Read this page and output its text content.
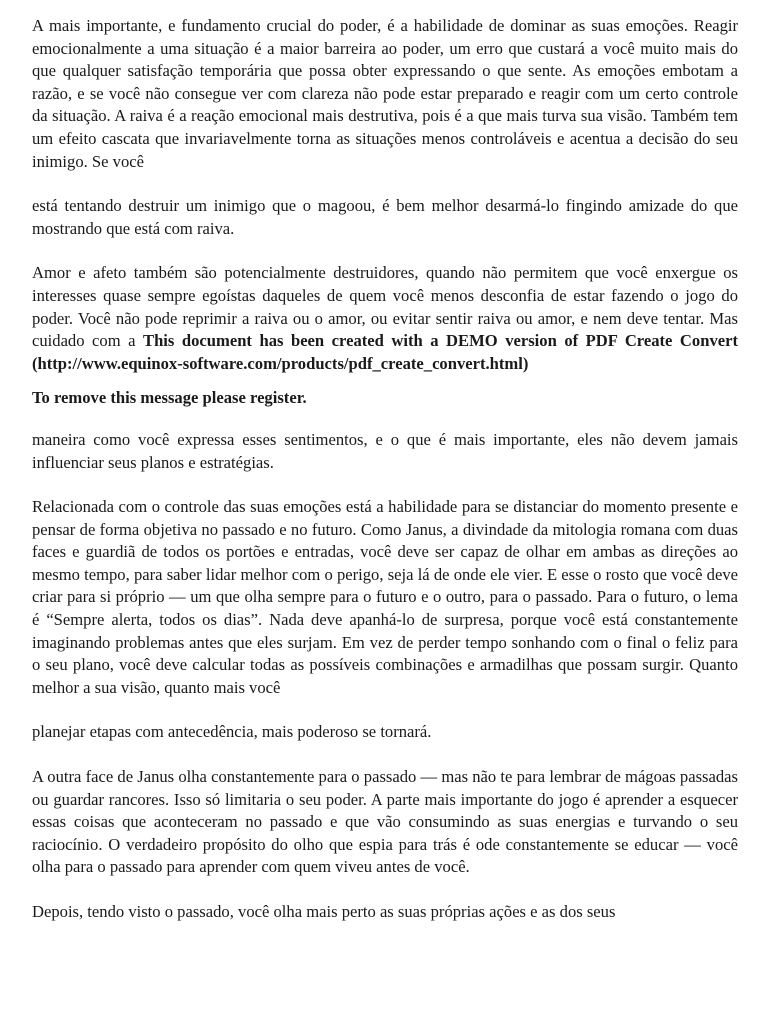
A mais importante, e fundamento crucial do poder, é a habilidade de dominar as suas emoções. Reagir emocionalmente a uma situação é a maior barreira ao poder, um erro que custará a você muito mais do que qualquer satisfação temporária que possa obter expressando o que sente. As emoções embotam a razão, e se você não consegue ver com clareza não pode estar preparado e reagir com um certo controle da situação. A raiva é a reação emocional mais destrutiva, pois é a que mais turva sua visão. Também tem um efeito cascata que invariavelmente torna as situações menos controláveis e acentua a decisão do seu inimigo. Se você

está tentando destruir um inimigo que o magoou, é bem melhor desarmá-lo fingindo amizade do que mostrando que está com raiva.

Amor e afeto também são potencialmente destruidores, quando não permitem que você enxergue os interesses quase sempre egoístas daqueles de quem você menos desconfia de estar fazendo o jogo do poder. Você não pode reprimir a raiva ou o amor, ou evitar sentir raiva ou amor, e nem deve tentar. Mas cuidado com a This document has been created with a DEMO version of PDF Create Convert (http://www.equinox-software.com/products/pdf_create_convert.html)

To remove this message please register.

maneira como você expressa esses sentimentos, e o que é mais importante, eles não devem jamais influenciar seus planos e estratégias.

Relacionada com o controle das suas emoções está a habilidade para se distanciar do momento presente e pensar de forma objetiva no passado e no futuro. Como Janus, a divindade da mitologia romana com duas faces e guardiã de todos os portões e entradas, você deve ser capaz de olhar em ambas as direções ao mesmo tempo, para saber lidar melhor com o perigo, seja lá de onde ele vier. E esse o rosto que você deve criar para si próprio — um que olha sempre para o futuro e o outro, para o passado. Para o futuro, o lema é “Sempre alerta, todos os dias”. Nada deve apanhá-lo de surpresa, porque você está constantemente imaginando problemas antes que eles surjam. Em vez de perder tempo sonhando com o final o feliz para o seu plano, você deve calcular todas as possíveis combinações e armadilhas que possam surgir. Quanto melhor a sua visão, quanto mais você

planejar etapas com antecedência, mais poderoso se tornará.

A outra face de Janus olha constantemente para o passado — mas não te para lembrar de mágoas passadas ou guardar rancores. Isso só limitaria o seu poder. A parte mais importante do jogo é aprender a esquecer essas coisas que aconteceram no passado e que vão consumindo as suas energias e turvando o seu raciocínio. O verdadeiro propósito do olho que espia para trás é ode constantemente se educar — você olha para o passado para aprender com quem viveu antes de você.

Depois, tendo visto o passado, você olha mais perto as suas próprias ações e as dos seus
